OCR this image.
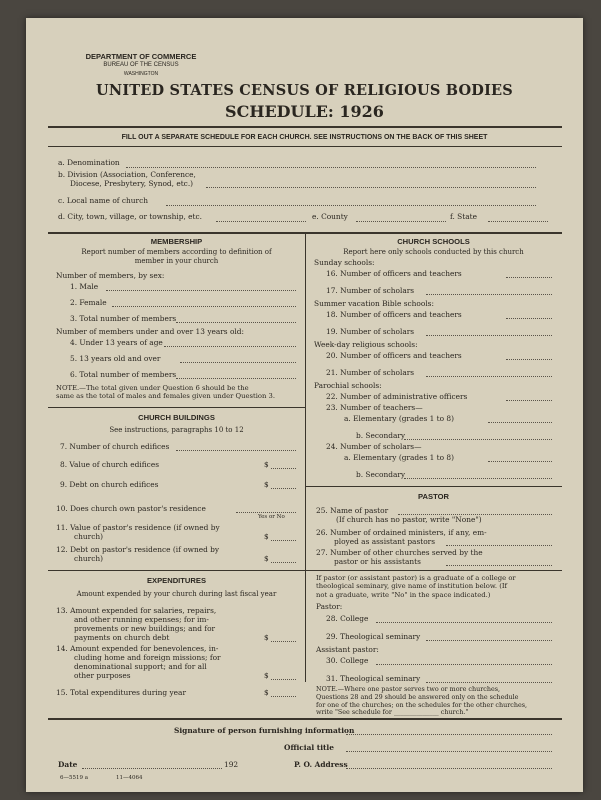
DEPARTMENT OF COMMERCE
BUREAU OF THE CENSUS
WASHINGTON
UNITED STATES CENSUS OF RELIGIOUS BODIES
SCHEDULE: 1926
FILL OUT A SEPARATE SCHEDULE FOR EACH CHURCH. SEE INSTRUCTIONS ON THE BACK OF THIS SHEET
a. Denomination
b. Division (Association, Conference,
Diocese, Presbytery, Synod, etc.)
c. Local name of church
d. City, town, village, or township, etc.	e. County	f. State
MEMBERSHIP
Report number of members according to definition of
member in your church
Number of members, by sex:
1. Male
2. Female
3. Total number of members
Number of members under and over 13 years old:
4. Under 13 years of age
5. 13 years old and over
6. Total number of members
NOTE.—The total given under Question 6 should be the
same as the total of males and females given under Question 3.
CHURCH BUILDINGS
See instructions, paragraphs 10 to 12
7. Number of church edifices
8. Value of church edifices	$
9. Debt on church edifices	$
10. Does church own pastor's residence
Yes or No
11. Value of pastor's residence (if owned by
church)	$
12. Debt on pastor's residence (if owned by
church)	$
EXPENDITURES
Amount expended by your church during last fiscal year
13. Amount expended for salaries, repairs,
and other running expenses; for im-
provements or new buildings; and for
payments on church debt	$
14. Amount expended for benevolences, in-
cluding home and foreign missions; for
denominational support; and for all
other purposes	$
15. Total expenditures during year	$
CHURCH SCHOOLS
Report here only schools conducted by this church
Sunday schools:
16. Number of officers and teachers
17. Number of scholars
Summer vacation Bible schools:
18. Number of officers and teachers
19. Number of scholars
Week-day religious schools:
20. Number of officers and teachers
21. Number of scholars
Parochial schools:
22. Number of administrative officers
23. Number of teachers—
a. Elementary (grades 1 to 8)
b. Secondary
24. Number of scholars—
a. Elementary (grades 1 to 8)
b. Secondary
PASTOR
25. Name of pastor
(If church has no pastor, write "None")
26. Number of ordained ministers, if any, em-
ployed as assistant pastors
27. Number of other churches served by the
pastor or his assistants
If pastor (or assistant pastor) is a graduate of a college or
theological seminary, give name of institution below. (If
not a graduate, write "No" in the space indicated.)
Pastor:
28. College
29. Theological seminary
Assistant pastor:
30. College
31. Theological seminary
NOTE.—Where one pastor serves two or more churches,
Questions 28 and 29 should be answered only on the schedule
for one of the churches; on the schedules for the other churches,
write "See schedule for ______________ church."
Signature of person furnishing information
Official title
Date	192	P. O. Address
6—5519 a	11—4064
